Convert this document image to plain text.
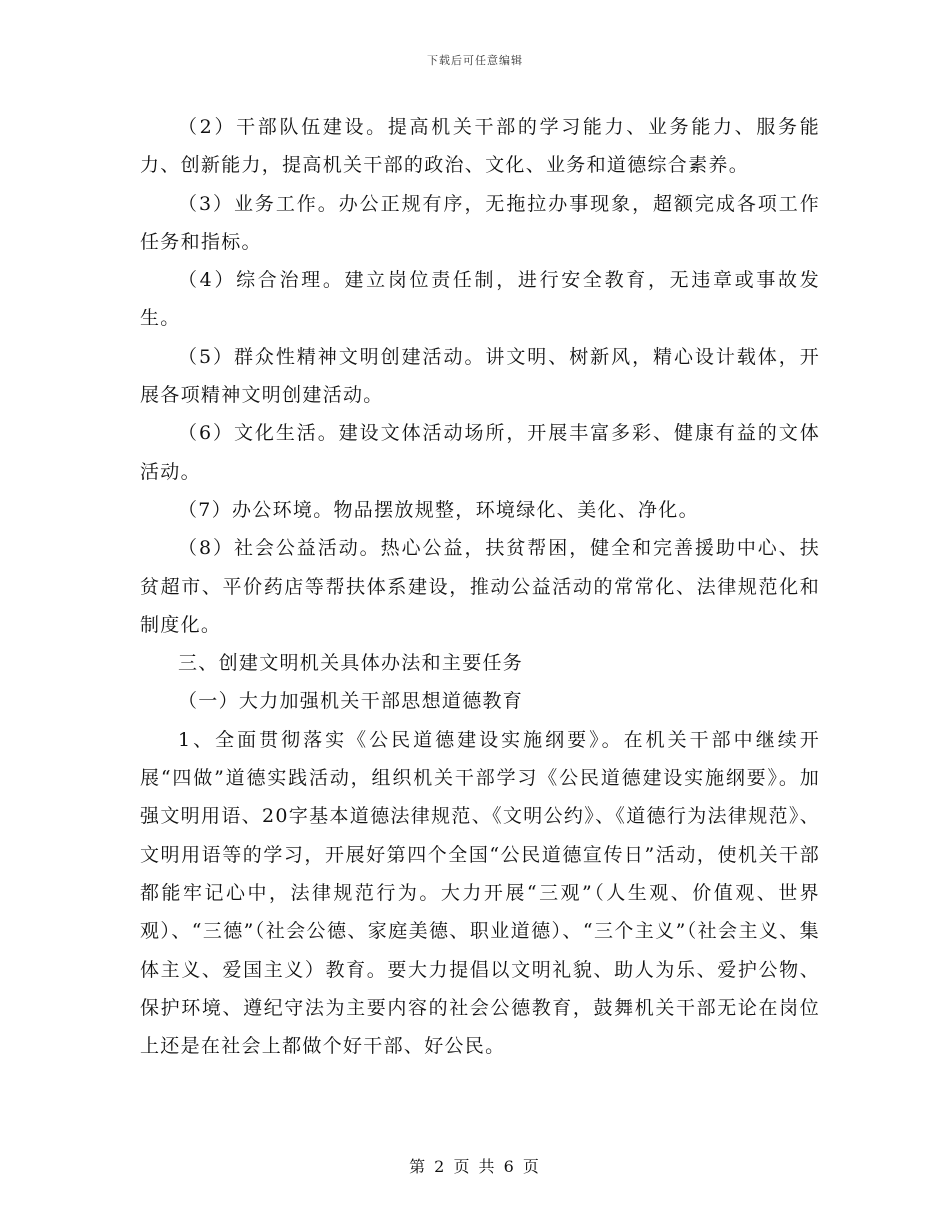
下载后可任意编辑

（2）干部队伍建设。提高机关干部的学习能力、业务能力、服务能力、创新能力，提高机关干部的政治、文化、业务和道德综合素养。

（3）业务工作。办公正规有序，无拖拉办事现象，超额完成各项工作任务和指标。

（4）综合治理。建立岗位责任制，进行安全教育，无违章或事故发生。

（5）群众性精神文明创建活动。讲文明、树新风，精心设计载体，开展各项精神文明创建活动。

（6）文化生活。建设文体活动场所，开展丰富多彩、健康有益的文体活动。

（7）办公环境。物品摆放规整，环境绿化、美化、净化。

（8）社会公益活动。热心公益，扶贫帮困，健全和完善援助中心、扶贫超市、平价药店等帮扶体系建设，推动公益活动的常常化、法律规范化和制度化。

三、创建文明机关具体办法和主要任务

（一）大力加强机关干部思想道德教育

1、全面贯彻落实《公民道德建设实施纲要》。在机关干部中继续开展“四做”道德实践活动，组织机关干部学习《公民道德建设实施纲要》。加强文明用语、20字基本道德法律规范、《文明公约》、《道德行为法律规范》、文明用语等的学习，开展好第四个全国“公民道德宣传日”活动，使机关干部都能牢记心中，法律规范行为。大力开展“三观”（人生观、价值观、世界观）、“三德”（社会公德、家庭美德、职业道德）、“三个主义”（社会主义、集体主义、爱国主义）教育。要大力提倡以文明礼貌、助人为乐、爱护公物、保护环境、遵纪守法为主要内容的社会公德教育，鼓舞机关干部无论在岗位上还是在社会上都做个好干部、好公民。

第 2 页 共 6 页
